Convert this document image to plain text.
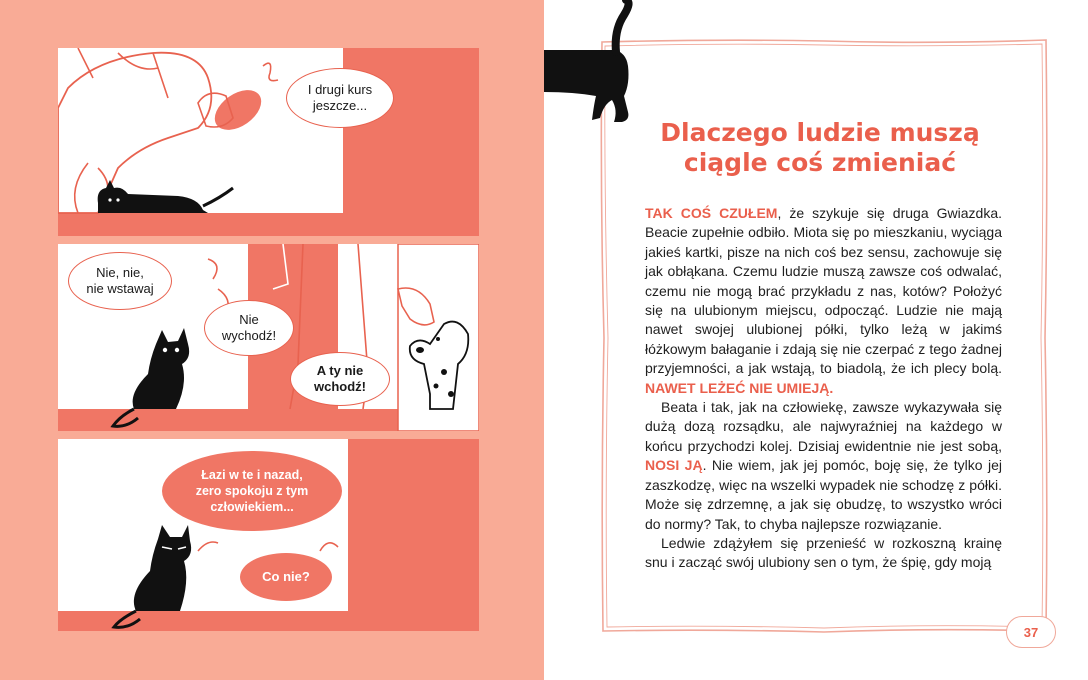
I drugi kurs
jeszcze...
Nie, nie,
nie wstawaj
Nie
wychodź!
A ty nie
wchodź!
Łazi w te i nazad,
zero spokoju z tym
człowiekiem...
Co nie?
Dlaczego ludzie muszą
ciągle coś zmieniać

TAK COŚ CZUŁEM, że szykuje się druga Gwiazdka. Beacie zupełnie odbiło. Miota się po mieszkaniu, wyciąga jakieś kartki, pisze na nich coś bez sensu, zachowuje się jak obłąkana. Czemu ludzie muszą zawsze coś odwalać, czemu nie mogą brać przykładu z nas, kotów? Położyć się na ulubionym miejscu, odpocząć. Ludzie nie mają nawet swojej ulubionej półki, tylko leżą w jakimś łóżkowym bałaganie i zdają się nie czerpać z tego żadnej przyjemności, a jak wstają, to biadolą, że ich plecy bolą. NAWET LEŻEĆ NIE UMIEJĄ.

Beata i tak, jak na człowiekę, zawsze wykazywała się dużą dozą rozsądku, ale najwyraźniej na każdego w końcu przychodzi kolej. Dzisiaj ewidentnie nie jest sobą, NOSI JĄ. Nie wiem, jak jej pomóc, boję się, że tylko jej zaszkodzę, więc na wszelki wypadek nie schodzę z półki. Może się zdrzemnę, a jak się obudzę, to wszystko wróci do normy? Tak, to chyba najlepsze rozwiązanie.

Ledwie zdążyłem się przenieść w rozkoszną krainę snu i zacząć swój ulubiony sen o tym, że śpię, gdy moją

37
